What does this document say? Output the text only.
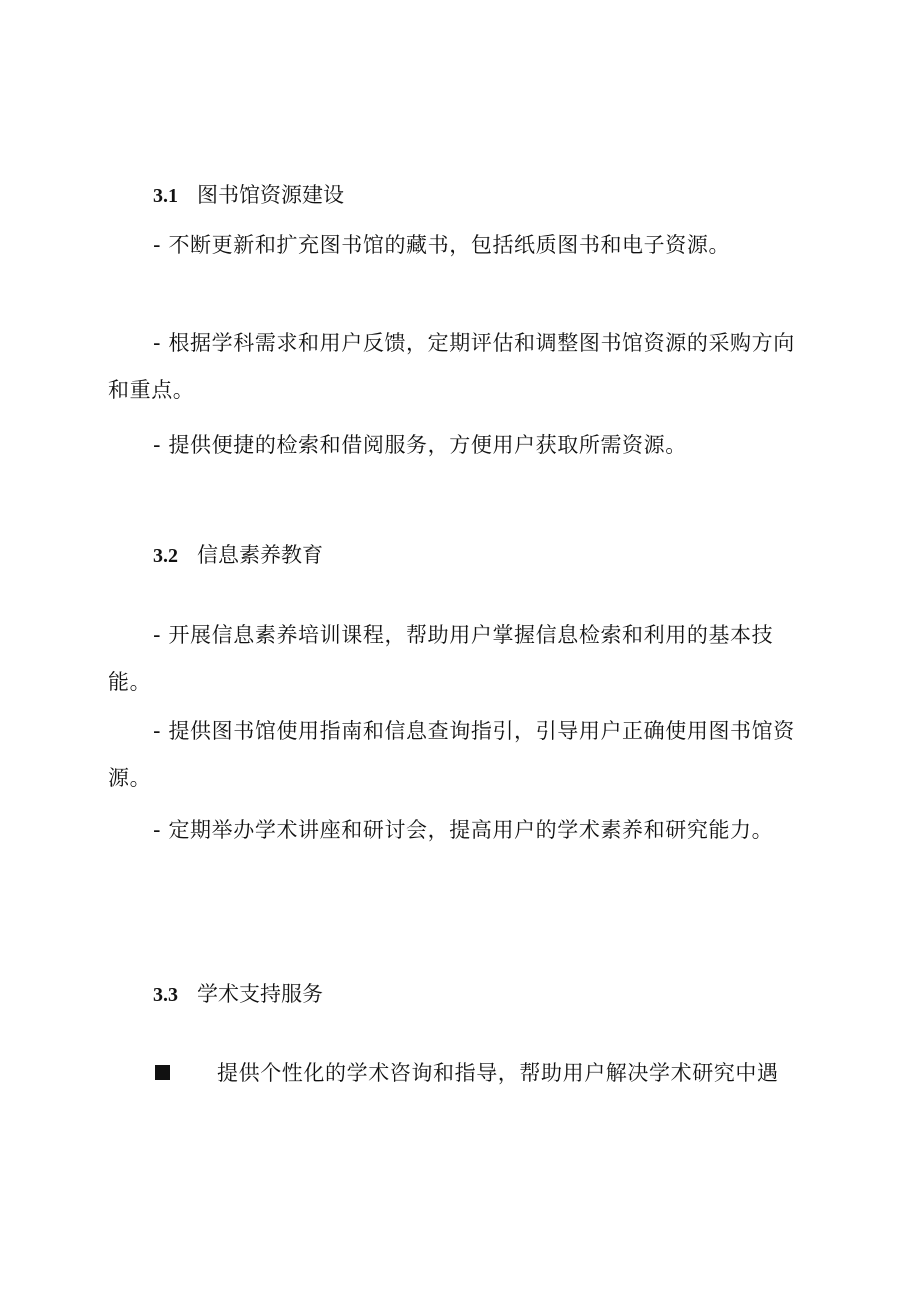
3.1 图书馆资源建设

- 不断更新和扩充图书馆的藏书，包括纸质图书和电子资源。

- 根据学科需求和用户反馈，定期评估和调整图书馆资源的采购方向和重点。

- 提供便捷的检索和借阅服务，方便用户获取所需资源。

3.2 信息素养教育

- 开展信息素养培训课程，帮助用户掌握信息检索和利用的基本技能。

- 提供图书馆使用指南和信息查询指引，引导用户正确使用图书馆资源。

- 定期举办学术讲座和研讨会，提高用户的学术素养和研究能力。

3.3 学术支持服务
提供个性化的学术咨询和指导，帮助用户解决学术研究中遇
